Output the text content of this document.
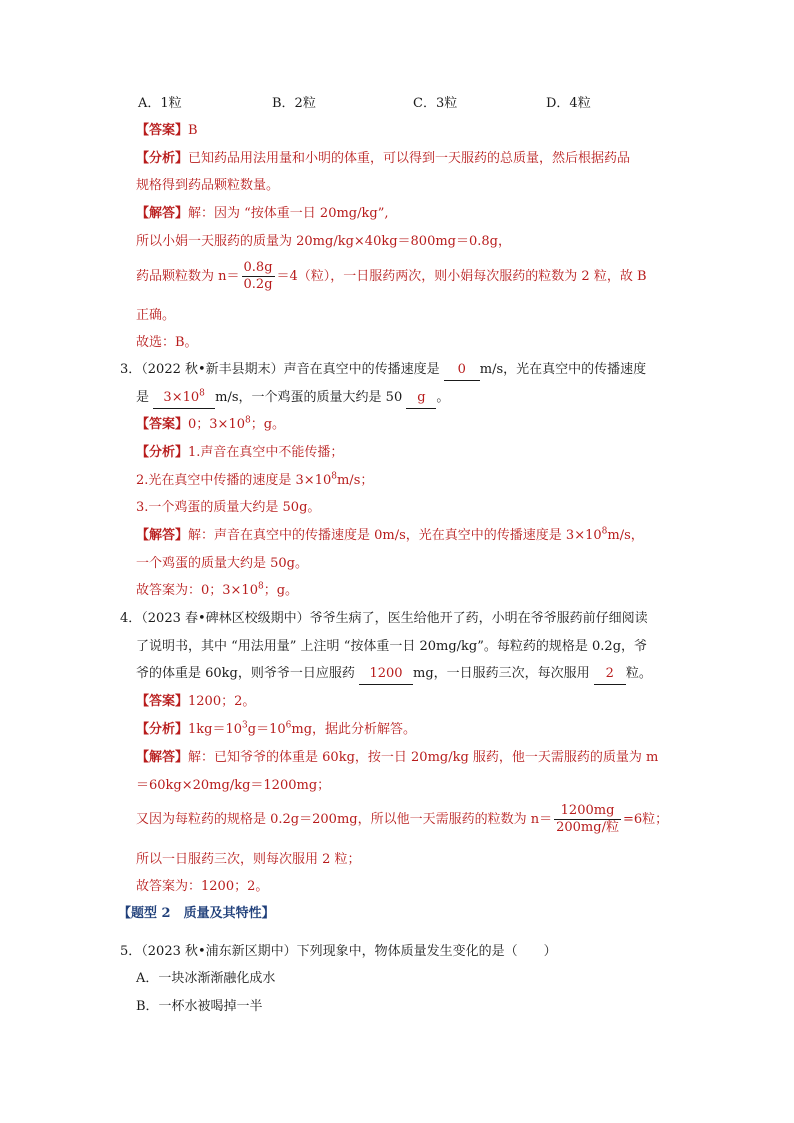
A．1粒	B．2粒	C．3粒	D．4粒
【答案】B
【分析】已知药品用法用量和小明的体重，可以得到一天服药的总质量，然后根据药品
规格得到药品颗粒数量。
【解答】解：因为 “按体重一日 20mg/kg”,
所以小娟一天服药的质量为 20mg/kg×40kg＝800mg＝0.8g，
药品颗粒数为 $n= \frac{0.8g}{0.2g} =4$（粒），一日服药两次，则小娟每次服药的粒数为 2 粒，故 B
正确。
故选：B。
3．（2022 秋•新丰县期末）声音在真空中的传播速度是 0 m/s，光在真空中的传播速度
是 $3\times 10^8$ m/s，一个鸡蛋的质量大约是 50 g 。
【答案】0；$3\times 10^8$；g。
【分析】1.声音在真空中不能传播；
2.光在真空中传播的速度是 $3\times 10^8m/s$；
3.一个鸡蛋的质量大约是 50g。
【解答】解：声音在真空中的传播速度是 0m/s，光在真空中的传播速度是 $3\times 10^8m/s$，
一个鸡蛋的质量大约是 50g。
故答案为：0；$3\times 10^8$；g。
4．（2023 春•碑林区校级期中）爷爷生病了，医生给他开了药，小明在爷爷服药前仔细阅读
了说明书，其中 “用法用量” 上注明 “按体重一日 20mg/kg”。每粒药的规格是 0.2g，爷
爷的体重是 60kg，则爷爷一日应服药 1200 mg，一日服药三次，每次服用 2 粒。
【答案】1200；2。
【分析】$1kg=10^3g=10^6mg$，据此分析解答。
【解答】解：已知爷爷的体重是 60kg，按一日 20mg/kg 服药，他一天需服药的质量为 m
＝60kg×20mg/kg＝1200mg；
又因为每粒药的规格是 0.2g＝200mg，所以他一天需服药的粒数为 $n= \frac{1200mg}{\text{200mg/粒}} =6$粒；
所以一日服药三次，则每次服用 2 粒；
故答案为：1200；2。
【题型 2　质量及其特性】
5．（2023 秋•浦东新区期中）下列现象中，物体质量发生变化的是（　　）
A．一块冰渐渐融化成水
B．一杯水被喝掉一半
